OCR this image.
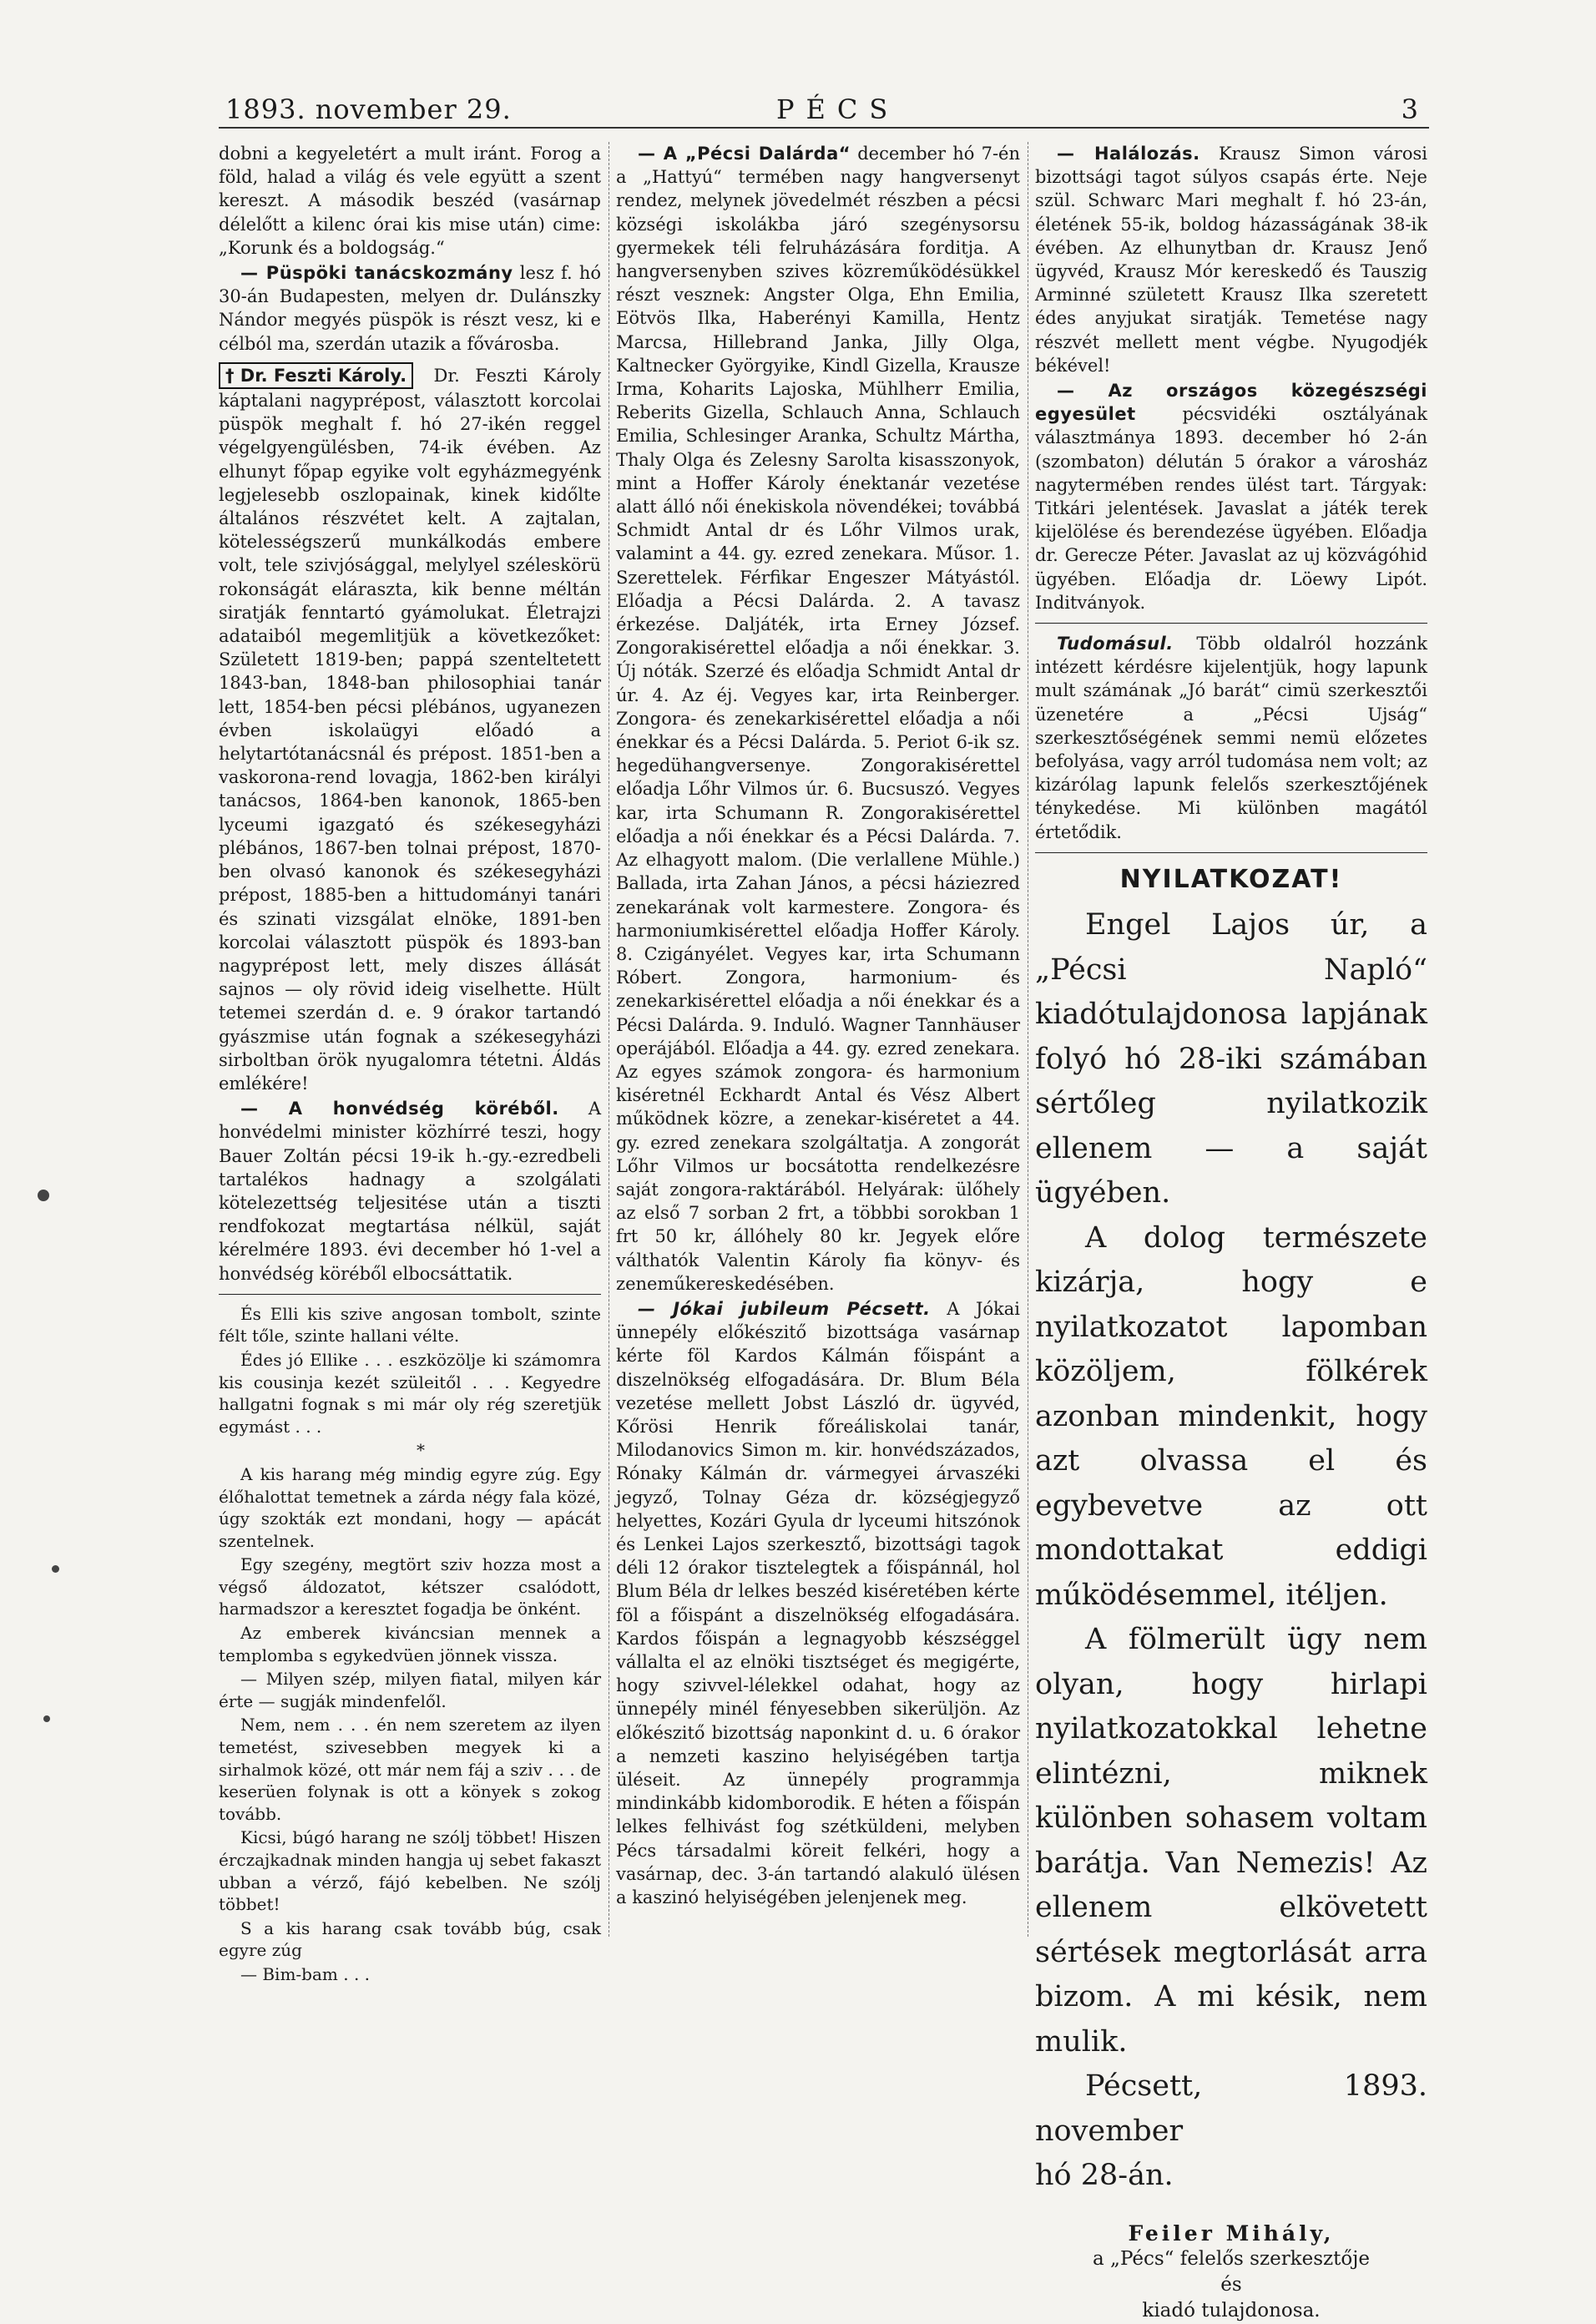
1893. november 29.	PÉCS	3

dobni a kegyeletért a mult iránt. Forog a föld, halad a világ és vele együtt a szent kereszt. A második beszéd (vasárnap délelőtt a kilenc órai kis mise után) cime: „Korunk és a boldogság.“

— Püspöki tanácskozmány lesz f. hó 30-án Budapesten, melyen dr. Dulánszky Nándor megyés püspök is részt vesz, ki e célból ma, szerdán utazik a fővárosba.

† Dr. Feszti Károly. Dr. Feszti Károly káptalani nagyprépost, választott korcolai püspök meghalt f. hó 27-ikén reggel végelgyengülésben, 74-ik évében. Az elhunyt főpap egyike volt egyházmegyénk legjelesebb oszlopainak, kinek kidőlte általános részvétet kelt. A zajtalan, kötelességszerű munkálkodás embere volt, tele szivjósággal, melylyel széleskörü rokonságát eláraszta, kik benne méltán siratják fenntartó gyámolukat. Életrajzi adataiból megemlitjük a következőket: Született 1819-ben; pappá szenteltetett 1843-ban, 1848-ban philosophiai tanár lett, 1854-ben pécsi plébános, ugyanezen évben iskolaügyi előadó a helytartótanácsnál és prépost. 1851-ben a vaskorona-rend lovagja, 1862-ben királyi tanácsos, 1864-ben kanonok, 1865-ben lyceumi igazgató és székesegyházi plébános, 1867-ben tolnai prépost, 1870-ben olvasó kanonok és székesegyházi prépost, 1885-ben a hittudományi tanári és szinati vizsgálat elnöke, 1891-ben korcolai választott püspök és 1893-ban nagyprépost lett, mely diszes állását sajnos — oly rövid ideig viselhette. Hült tetemei szerdán d. e. 9 órakor tartandó gyászmise után fognak a székesegyházi sirboltban örök nyugalomra tétetni. Áldás emlékére!

— A honvédség köréből. A honvédelmi minister közhírré teszi, hogy Bauer Zoltán pécsi 19-ik h.-gy.-ezredbeli tartalékos hadnagy a szolgálati kötelezettség teljesitése után a tiszti rendfokozat megtartása nélkül, saját kérelmére 1893. évi december hó 1-vel a honvédség köréből elbocsáttatik.

És Elli kis szive angosan tombolt, szinte félt tőle, szinte hallani vélte.

Édes jó Ellike . . . eszközölje ki számomra kis cousinja kezét szüleitől . . . Kegyedre hallgatni fognak s mi már oly rég szeretjük egymást . . .

*

A kis harang még mindig egyre zúg. Egy élőhalottat temetnek a zárda négy fala közé, úgy szokták ezt mondani, hogy — apácát szentelnek.

Egy szegény, megtört sziv hozza most a végső áldozatot, kétszer csalódott, harmadszor a keresztet fogadja be önként.

Az emberek kiváncsian mennek a templomba s egykedvüen jönnek vissza.

— Milyen szép, milyen fiatal, milyen kár érte — sugják mindenfelől.

Nem, nem . . . én nem szeretem az ilyen temetést, szivesebben megyek ki a sirhalmok közé, ott már nem fáj a sziv . . . de keserüen folynak is ott a könyek s zokog tovább.

Kicsi, búgó harang ne szólj többet! Hiszen érczajkadnak minden hangja uj sebet fakaszt ubban a vérző, fájó kebelben. Ne szólj többet!

S a kis harang csak tovább búg, csak egyre zúg

— Bim-bam . . .

— A „Pécsi Dalárda“ december hó 7-én a „Hattyú“ termében nagy hangversenyt rendez, melynek jövedelmét részben a pécsi községi iskolákba járó szegénysorsu gyermekek téli felruházására forditja. A hangversenyben szives közreműködésükkel részt vesznek: Angster Olga, Ehn Emilia, Eötvös Ilka, Haberényi Kamilla, Hentz Marcsa, Hillebrand Janka, Jilly Olga, Kaltnecker Györgyike, Kindl Gizella, Krausze Irma, Koharits Lajoska, Mühlherr Emilia, Reberits Gizella, Schlauch Anna, Schlauch Emilia, Schlesinger Aranka, Schultz Mártha, Thaly Olga és Zelesny Sarolta kisasszonyok, mint a Hoffer Károly énektanár vezetése alatt álló női énekiskola növendékei; továbbá Schmidt Antal dr és Lőhr Vilmos urak, valamint a 44. gy. ezred zenekara. Műsor. 1. Szerettelek. Férfikar Engeszer Mátyástól. Előadja a Pécsi Dalárda. 2. A tavasz érkezése. Daljáték, irta Erney József. Zongorakisérettel előadja a női énekkar. 3. Új nóták. Szerzé és előadja Schmidt Antal dr úr. 4. Az éj. Vegyes kar, irta Reinberger. Zongora- és zenekarkisérettel előadja a női énekkar és a Pécsi Dalárda. 5. Periot 6-ik sz. hegedühangversenye. Zongorakisérettel előadja Lőhr Vilmos úr. 6. Bucsuszó. Vegyes kar, irta Schumann R. Zongorakisérettel előadja a női énekkar és a Pécsi Dalárda. 7. Az elhagyott malom. (Die verlallene Mühle.) Ballada, irta Zahan János, a pécsi háziezred zenekarának volt karmestere. Zongora- és harmoniumkisérettel előadja Hoffer Károly. 8. Czigányélet. Vegyes kar, irta Schumann Róbert. Zongora, harmonium- és zenekarkisérettel előadja a női énekkar és a Pécsi Dalárda. 9. Induló. Wagner Tannhäuser operájából. Előadja a 44. gy. ezred zenekara. Az egyes számok zongora- és harmonium kiséretnél Eckhardt Antal és Vész Albert működnek közre, a zenekar-kiséretet a 44. gy. ezred zenekara szolgáltatja. A zongorát Lőhr Vilmos ur bocsátotta rendelkezésre saját zongora-raktárából. Helyárak: ülőhely az első 7 sorban 2 frt, a többbi sorokban 1 frt 50 kr, állóhely 80 kr. Jegyek előre válthatók Valentin Károly fia könyv- és zeneműkereskedésében.

— Jókai jubileum Pécsett. A Jókai ünnepély előkészitő bizottsága vasárnap kérte föl Kardos Kálmán főispánt a diszelnökség elfogadására. Dr. Blum Béla vezetése mellett Jobst László dr. ügyvéd, Kőrösi Henrik főreáliskolai tanár, Milodanovics Simon m. kir. honvédszázados, Rónaky Kálmán dr. vármegyei árvaszéki jegyző, Tolnay Géza dr. községjegyző helyettes, Kozári Gyula dr lyceumi hitszónok és Lenkei Lajos szerkesztő, bizottsági tagok déli 12 órakor tisztelegtek a főispánnál, hol Blum Béla dr lelkes beszéd kiséretében kérte föl a főispánt a diszelnökség elfogadására. Kardos főispán a legnagyobb készséggel vállalta el az elnöki tisztséget és megigérte, hogy szivvel-lélekkel odahat, hogy az ünnepély minél fényesebben sikerüljön. Az előkészitő bizottság naponkint d. u. 6 órakor a nemzeti kaszino helyiségében tartja üléseit. Az ünnepély programmja mindinkább kidomborodik. E héten a főispán lelkes felhivást fog szétküldeni, melyben Pécs társadalmi köreit felkéri, hogy a vasárnap, dec. 3-án tartandó alakuló ülésen a kaszinó helyiségében jelenjenek meg.

— Halálozás. Krausz Simon városi bizottsági tagot súlyos csapás érte. Neje szül. Schwarc Mari meghalt f. hó 23-án, életének 55-ik, boldog házasságának 38-ik évében. Az elhunytban dr. Krausz Jenő ügyvéd, Krausz Mór kereskedő és Tauszig Arminné született Krausz Ilka szeretett édes anyjukat siratják. Temetése nagy részvét mellett ment végbe. Nyugodjék békével!

— Az országos közegészségi egyesület	pécsvidéki osztályának választmánya 1893. december hó 2-án (szombaton) délután 5 órakor a városház nagytermében rendes ülést tart. Tárgyak: Titkári jelentések. Javaslat a játék terek kijelölése és berendezése ügyében. Előadja dr. Gerecze Péter. Javaslat az uj közvágóhid ügyében. Előadja dr. Löewy Lipót. Inditványok.

Tudomásul. Több oldalról hozzánk intézett kérdésre kijelentjük, hogy lapunk mult számának „Jó barát“ cimü szerkesztői üzenetére a „Pécsi Ujság“ szerkesztőségének semmi nemü előzetes befolyása, vagy arról tudomása nem volt; az kizárólag lapunk felelős szerkesztőjének ténykedése. Mi különben magától értetődik.

NYILATKOZAT!

Engel Lajos úr, a „Pécsi Napló“ kiadótulajdonosa lapjának folyó hó 28-iki számában sértőleg nyilatkozik ellenem — a saját ügyében.

A dolog természete kizárja, hogy e nyilatkozatot lapomban közöljem, fölkérek azonban mindenkit, hogy azt olvassa el és egybevetve az ott mondottakat eddigi működésemmel, itéljen.

A fölmerült ügy nem olyan, hogy hirlapi nyilatkozatokkal lehetne elintézni, miknek különben sohasem voltam barátja. Van Nemezis! Az ellenem elkövetett sértések megtorlását arra bizom. A mi késik, nem mulik.

Pécsett, 1893. november

hó 28-án.

Feiler Mihály,
a „Pécs“ felelős szerkesztője
és
kiadó tulajdonosa.
